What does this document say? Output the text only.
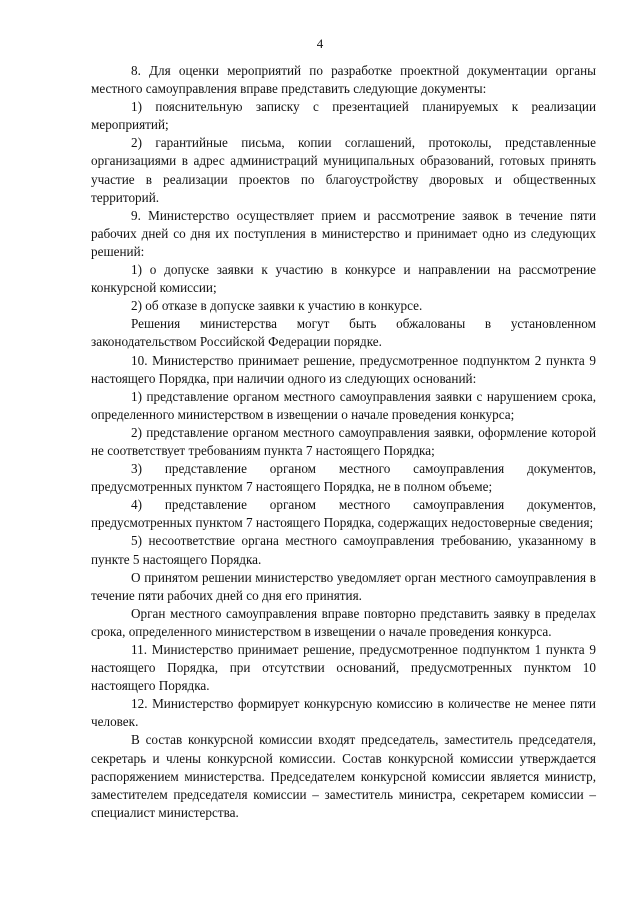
4

8. Для оценки мероприятий по разработке проектной документации органы местного самоуправления вправе представить следующие документы:

1) пояснительную записку с презентацией планируемых к реализации мероприятий;

2) гарантийные письма, копии соглашений, протоколы, представленные организациями в адрес администраций муниципальных образований, готовых принять участие в реализации проектов по благоустройству дворовых и общественных территорий.

9. Министерство осуществляет прием и рассмотрение заявок в течение пяти рабочих дней со дня их поступления в министерство и принимает одно из следующих решений:

1) о допуске заявки к участию в конкурсе и направлении на рассмотрение конкурсной комиссии;

2) об отказе в допуске заявки к участию в конкурсе.

Решения министерства могут быть обжалованы в установленном законодательством Российской Федерации порядке.

10. Министерство принимает решение, предусмотренное подпунктом 2 пункта 9 настоящего Порядка, при наличии одного из следующих оснований:

1) представление органом местного самоуправления заявки с нарушением срока, определенного министерством в извещении о начале проведения конкурса;

2) представление органом местного самоуправления заявки, оформление которой не соответствует требованиям пункта 7 настоящего Порядка;

3) представление органом местного самоуправления документов, предусмотренных пунктом 7 настоящего Порядка, не в полном объеме;

4) представление органом местного самоуправления документов, предусмотренных пунктом 7 настоящего Порядка, содержащих недостоверные сведения;

5) несоответствие органа местного самоуправления требованию, указанному в пункте 5 настоящего Порядка.

О принятом решении министерство уведомляет орган местного самоуправления в течение пяти рабочих дней со дня его принятия.

Орган местного самоуправления вправе повторно представить заявку в пределах срока, определенного министерством в извещении о начале проведения конкурса.

11. Министерство принимает решение, предусмотренное подпунктом 1 пункта 9 настоящего Порядка, при отсутствии оснований, предусмотренных пунктом 10 настоящего Порядка.

12. Министерство формирует конкурсную комиссию в количестве не менее пяти человек.

В состав конкурсной комиссии входят председатель, заместитель председателя, секретарь и члены конкурсной комиссии. Состав конкурсной комиссии утверждается распоряжением министерства. Председателем конкурсной комиссии является министр, заместителем председателя комиссии – заместитель министра, секретарем комиссии – специалист министерства.
